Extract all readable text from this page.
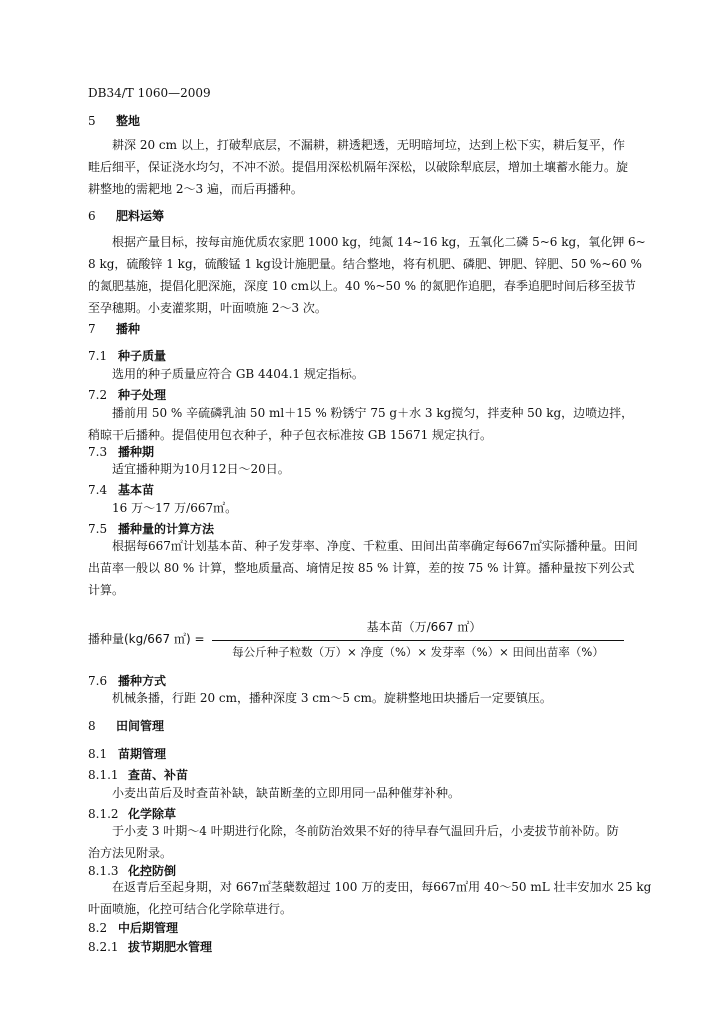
DB34/T 1060—2009
5 整地
耕深 20 cm 以上，打破犁底层，不漏耕，耕透耙透，无明暗坷垃，达到上松下实，耕后复平，作
畦后细平，保证浇水均匀，不冲不淤。提倡用深松机隔年深松，以破除犁底层，增加土壤蓄水能力。旋
耕整地的需耙地 2～3 遍，而后再播种。
6 肥料运筹
根据产量目标，按每亩施优质农家肥 1000 kg，纯氮 14~16 kg，五氧化二磷 5~6 kg，氧化钾 6~
8 kg，硫酸锌 1 kg，硫酸锰 1 kg设计施肥量。结合整地，将有机肥、磷肥、钾肥、锌肥、50 %~60 %
的氮肥基施，提倡化肥深施，深度 10 cm以上。40 %~50 % 的氮肥作追肥，春季追肥时间后移至拔节
至孕穗期。小麦灌浆期，叶面喷施 2～3 次。
7 播种
7.1 种子质量
选用的种子质量应符合 GB 4404.1 规定指标。
7.2 种子处理
播前用 50 % 辛硫磷乳油 50 ml＋15 % 粉锈宁 75 g＋水 3 kg搅匀，拌麦种 50 kg，边喷边拌，
稍晾干后播种。提倡使用包衣种子，种子包衣标准按 GB 15671 规定执行。
7.3 播种期
适宜播种期为10月12日～20日。
7.4 基本苗
16 万～17 万/667㎡。
7.5 播种量的计算方法
根据每667㎡计划基本苗、种子发芽率、净度、千粒重、田间出苗率确定每667㎡实际播种量。田间
出苗率一般以 80 % 计算，整地质量高、墒情足按 85 % 计算，差的按 75 % 计算。播种量按下列公式
计算。
播种量(kg/667 ㎡) =
基本苗（万/667 ㎡）
每公斤种子粒数（万）× 净度（%）× 发芽率（%）× 田间出苗率（%）
7.6 播种方式
机械条播，行距 20 cm，播种深度 3 cm～5 cm。旋耕整地田块播后一定要镇压。
8 田间管理
8.1 苗期管理
8.1.1 查苗、补苗
小麦出苗后及时查苗补缺，缺苗断垄的立即用同一品种催芽补种。
8.1.2 化学除草
于小麦 3 叶期～4 叶期进行化除，冬前防治效果不好的待早春气温回升后，小麦拔节前补防。防
治方法见附录。
8.1.3 化控防倒
在返青后至起身期，对 667㎡茎蘖数超过 100 万的麦田，每667㎡用 40～50 mL 壮丰安加水 25 kg
叶面喷施，化控可结合化学除草进行。
8.2 中后期管理
8.2.1 拔节期肥水管理
